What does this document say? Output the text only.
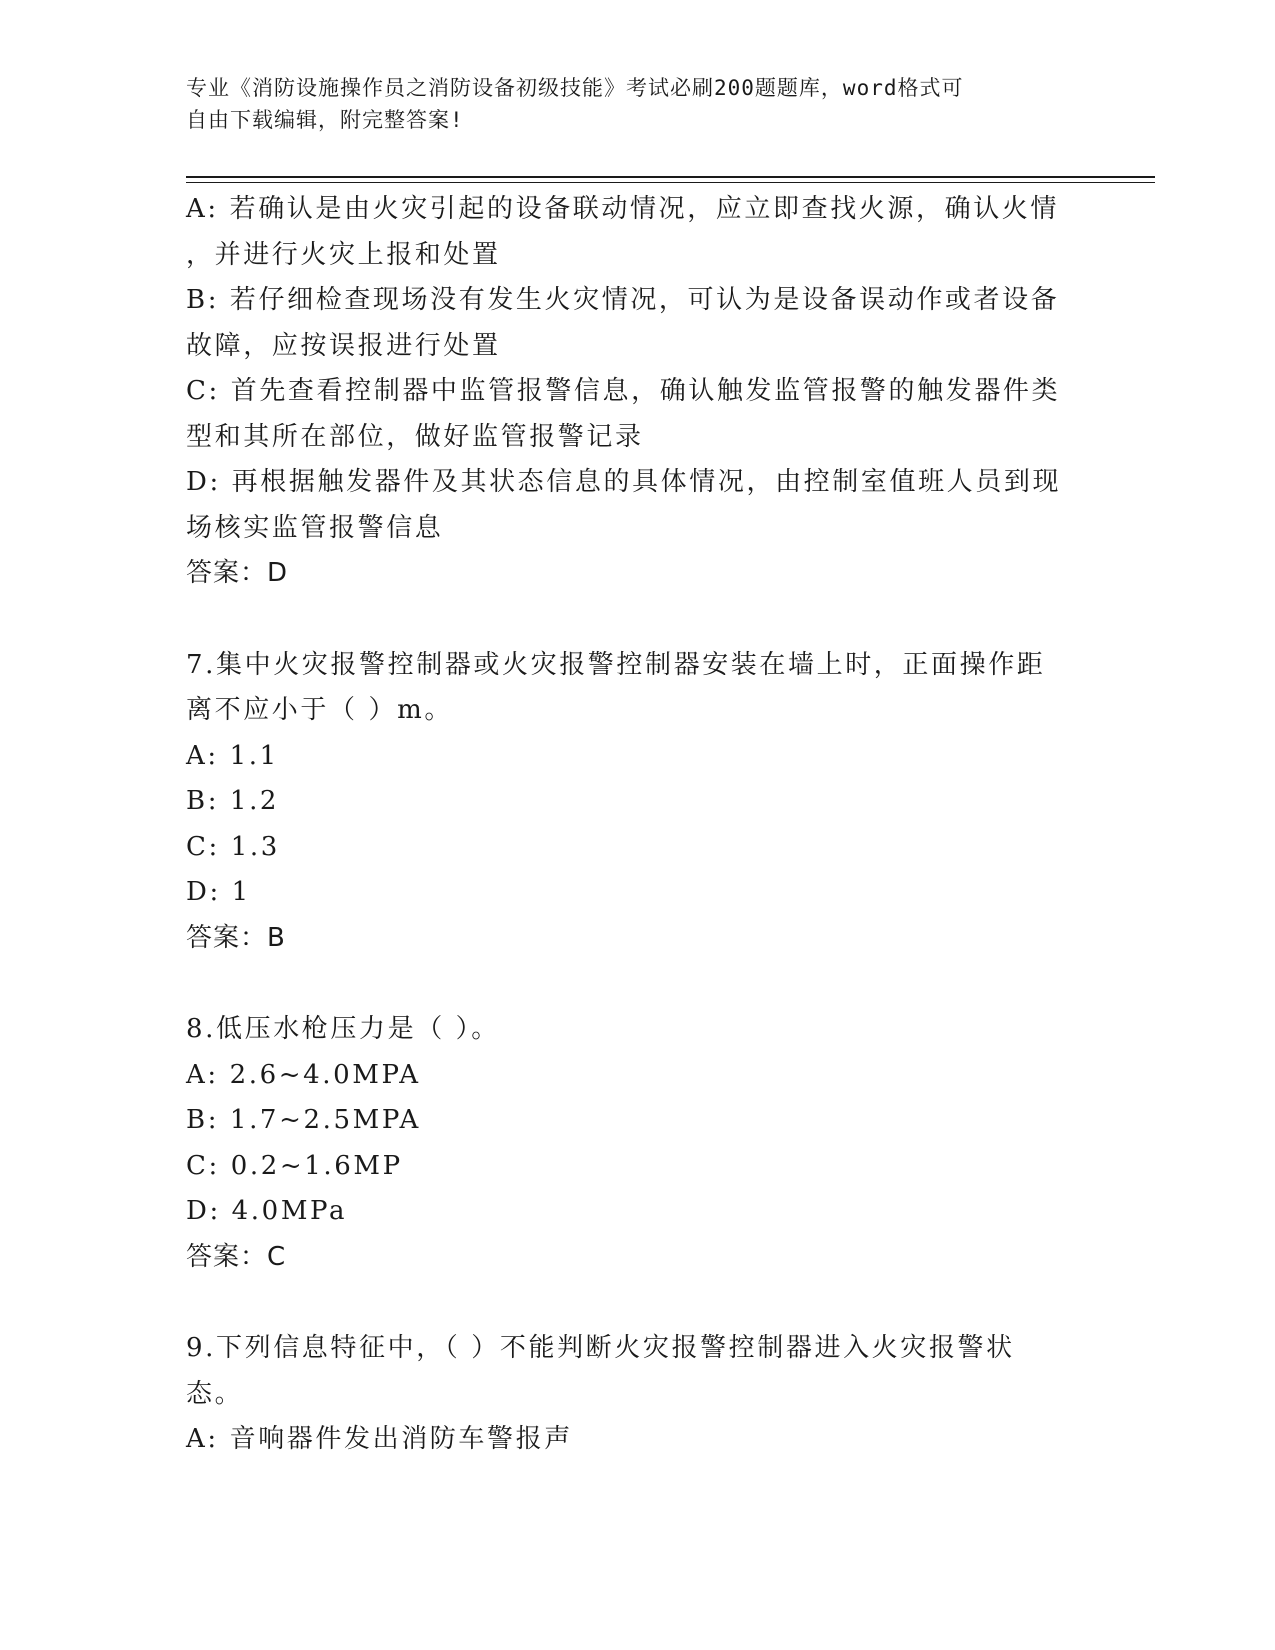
专业《消防设施操作员之消防设备初级技能》考试必刷200题题库，word格式可
自由下载编辑，附完整答案!
A: 若确认是由火灾引起的设备联动情况，应立即查找火源，确认火情
，并进行火灾上报和处置
B: 若仔细检查现场没有发生火灾情况，可认为是设备误动作或者设备
故障，应按误报进行处置
C: 首先查看控制器中监管报警信息，确认触发监管报警的触发器件类
型和其所在部位，做好监管报警记录
D: 再根据触发器件及其状态信息的具体情况，由控制室值班人员到现
场核实监管报警信息
答案：D
7.集中火灾报警控制器或火灾报警控制器安装在墙上时，正面操作距
离不应小于（ ）m。
A: 1.1
B: 1.2
C: 1.3
D: 1
答案：B
8.低压水枪压力是（ ）。
A: 2.6~4.0MPA
B: 1.7~2.5MPA
C: 0.2~1.6MP
D: 4.0MPa
答案：C
9.下列信息特征中，（ ）不能判断火灾报警控制器进入火灾报警状
态。
A: 音响器件发出消防车警报声
